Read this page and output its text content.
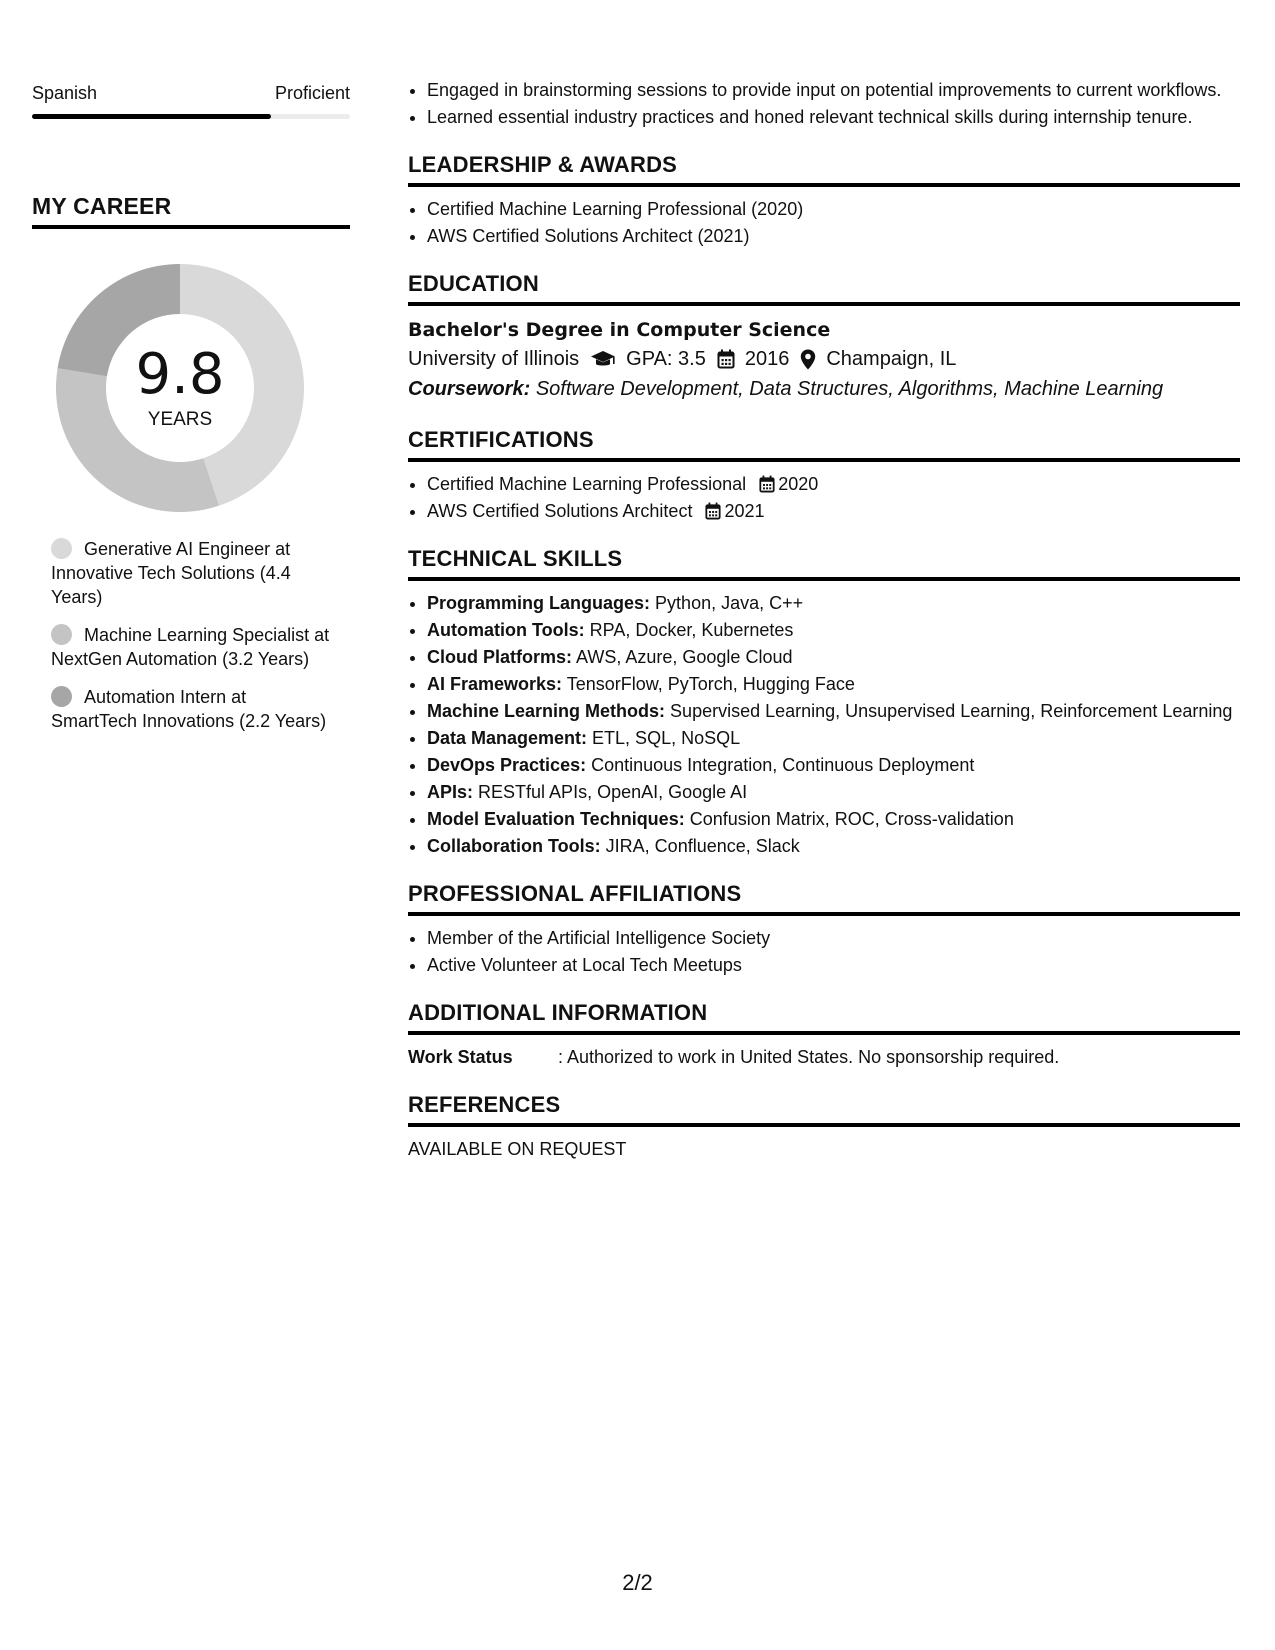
Spanish	Proficient
MY CAREER
9.8
YEARS
Generative AI Engineer at Innovative Tech Solutions (4.4 Years)
Machine Learning Specialist at NextGen Automation (3.2 Years)
Automation Intern at SmartTech Innovations (2.2 Years)
• Engaged in brainstorming sessions to provide input on potential improvements to current workflows.
• Learned essential industry practices and honed relevant technical skills during internship tenure.
LEADERSHIP & AWARDS
• Certified Machine Learning Professional (2020)
• AWS Certified Solutions Architect (2021)
EDUCATION
Bachelor's Degree in Computer Science
University of Illinois GPA: 3.5 2016 Champaign, IL
Coursework: Software Development, Data Structures, Algorithms, Machine Learning
CERTIFICATIONS
• Certified Machine Learning Professional 2020
• AWS Certified Solutions Architect 2021
TECHNICAL SKILLS
• Programming Languages: Python, Java, C++
• Automation Tools: RPA, Docker, Kubernetes
• Cloud Platforms: AWS, Azure, Google Cloud
• AI Frameworks: TensorFlow, PyTorch, Hugging Face
• Machine Learning Methods: Supervised Learning, Unsupervised Learning, Reinforcement Learning
• Data Management: ETL, SQL, NoSQL
• DevOps Practices: Continuous Integration, Continuous Deployment
• APIs: RESTful APIs, OpenAI, Google AI
• Model Evaluation Techniques: Confusion Matrix, ROC, Cross-validation
• Collaboration Tools: JIRA, Confluence, Slack
PROFESSIONAL AFFILIATIONS
• Member of the Artificial Intelligence Society
• Active Volunteer at Local Tech Meetups
ADDITIONAL INFORMATION
Work Status	: Authorized to work in United States. No sponsorship required.
REFERENCES
AVAILABLE ON REQUEST
2/2
